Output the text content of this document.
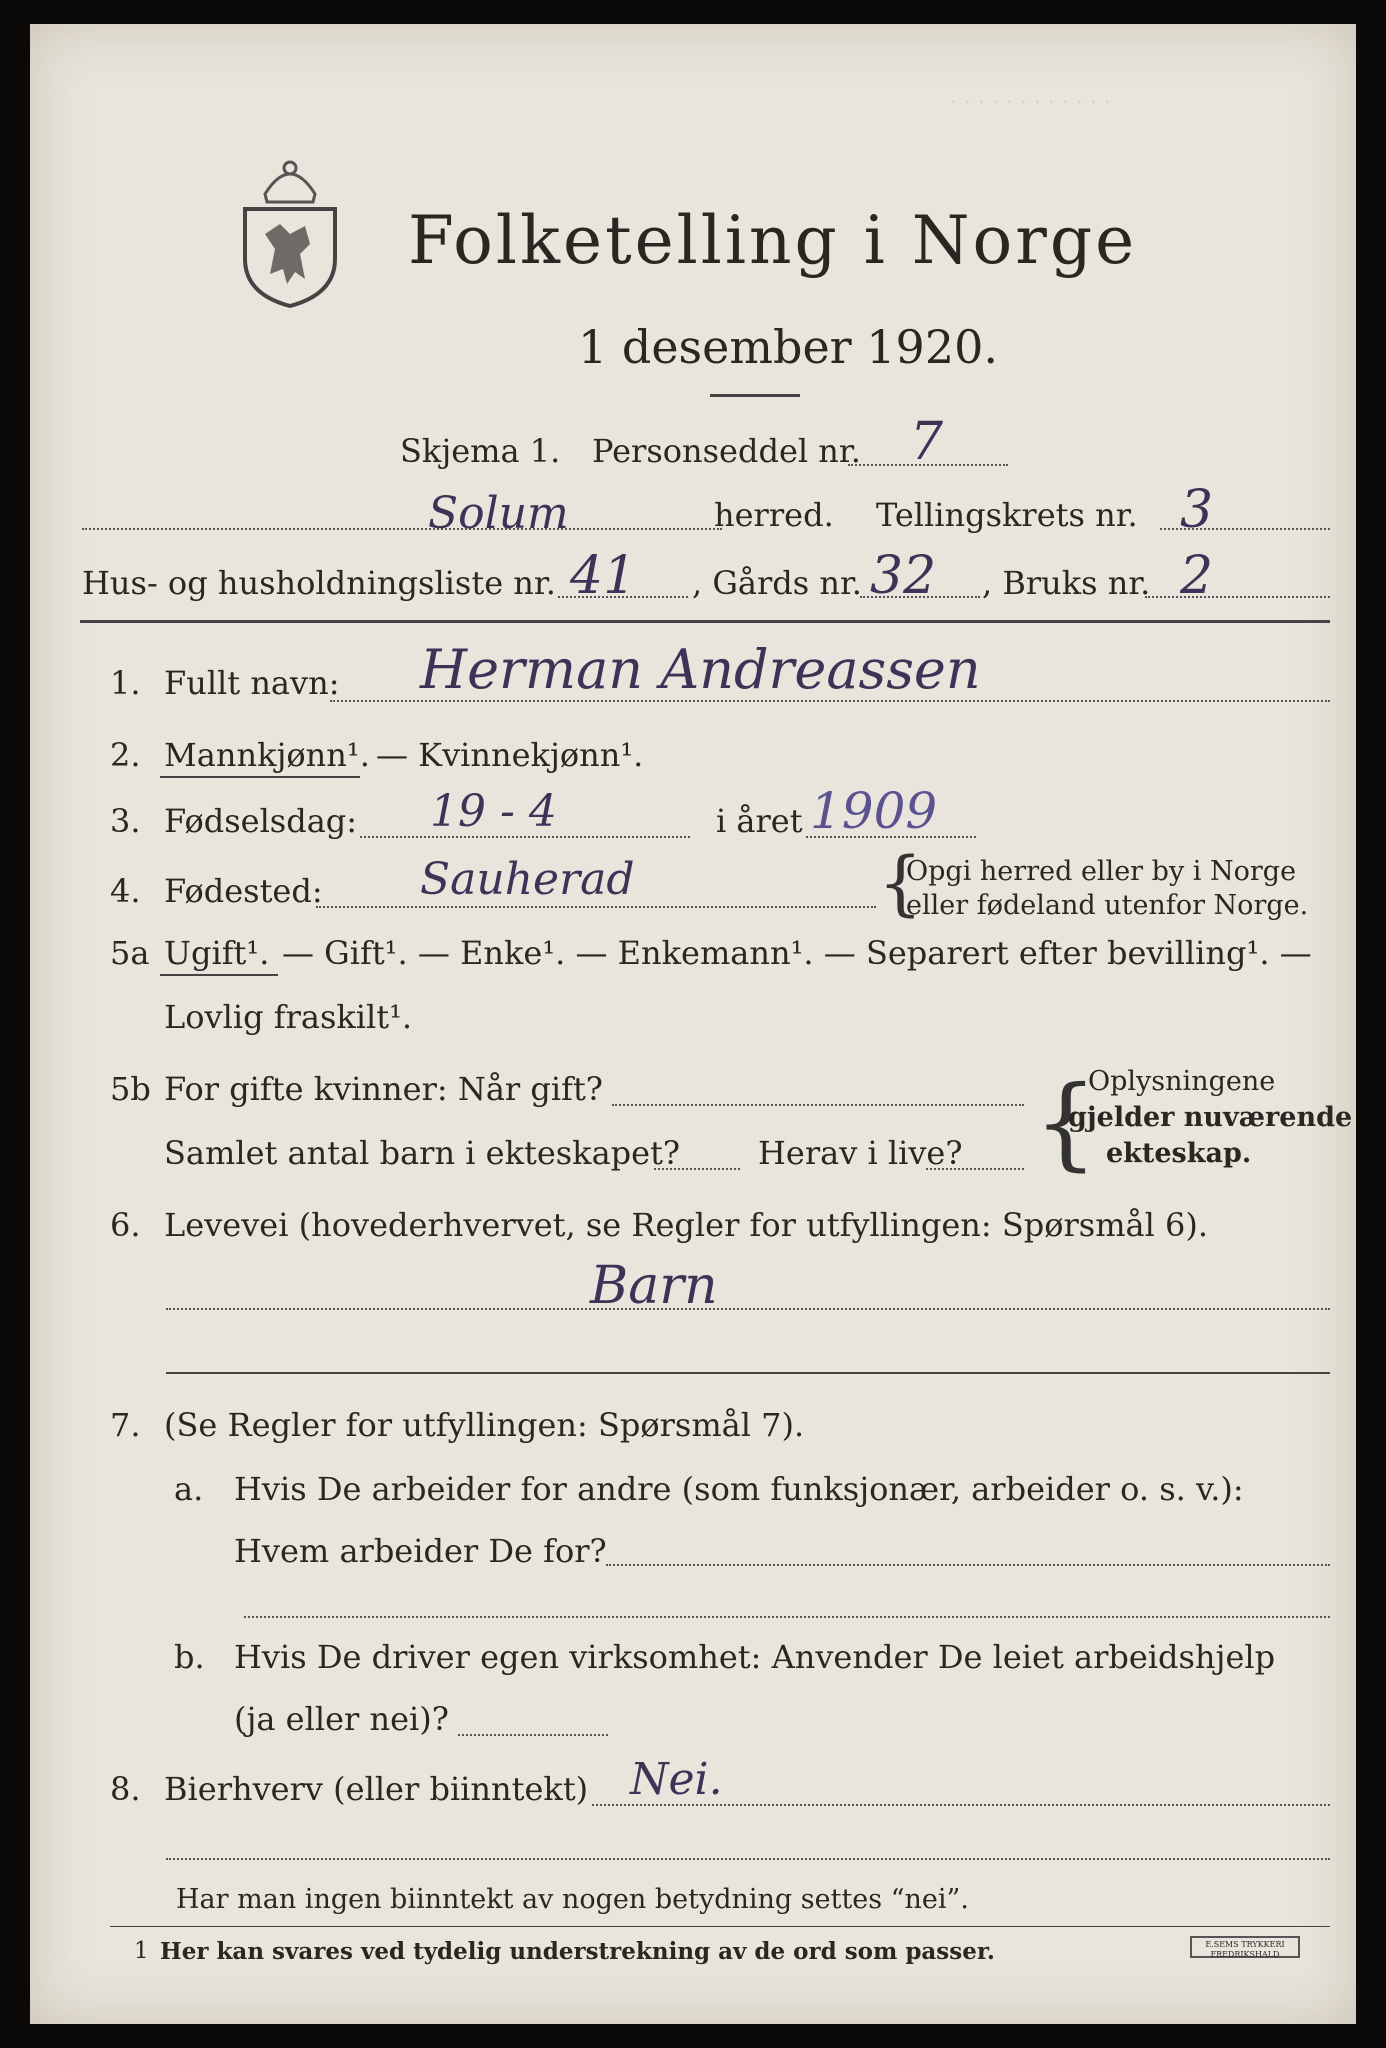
. . . . . . . . . . . .
Folketelling i Norge
1 desember 1920.
Skjema 1. Personseddel nr. 7
Solum	herred. Tellingskrets nr. 3
Hus- og husholdningsliste nr. 41 , Gårds nr. 32 , Bruks nr. 2
1. Fullt navn: Herman Andreassen
2. Mannkjønn¹. — Kvinnekjønn¹.
3. Fødselsdag: 19 - 4	i året 1909
4. Fødested: Sauherad	{
Opgi herred eller by i Norge
eller fødeland utenfor Norge.
5a Ugift¹. — Gift¹. — Enke¹. — Enkemann¹. — Separert efter bevilling¹. —
Lovlig fraskilt¹.
5b For gifte kvinner: Når gift?
Samlet antal barn i ekteskapet? Herav i live? {
Oplysningene
gjelder nuværende
ekteskap.
6. Levevei (hovederhvervet, se Regler for utfyllingen: Spørsmål 6).
Barn
7. (Se Regler for utfyllingen: Spørsmål 7).
a. Hvis De arbeider for andre (som funksjonær, arbeider o. s. v.):
Hvem arbeider De for?
b. Hvis De driver egen virksomhet: Anvender De leiet arbeidshjelp
(ja eller nei)?
8. Bierhverv (eller biinntekt) Nei.
Har man ingen biinntekt av nogen betydning settes “nei”.
1 Her kan svares ved tydelig understrekning av de ord som passer.	E.SEMS TRYKKERI FREDRIKSHALD
